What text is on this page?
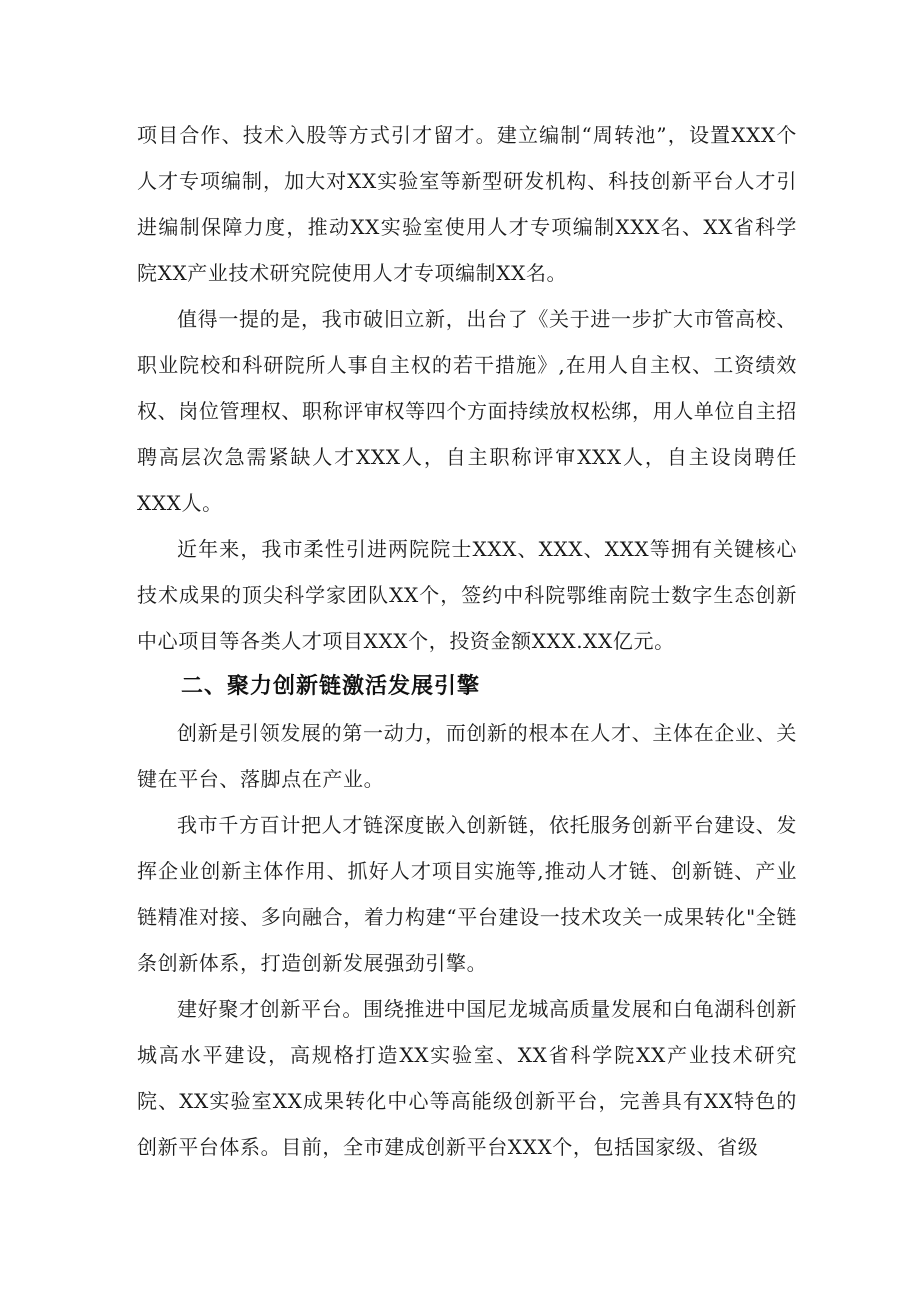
项目合作、技术入股等方式引才留才。建立编制“周转池”，设置XXX个人才专项编制，加大对XX实验室等新型研发机构、科技创新平台人才引进编制保障力度，推动XX实验室使用人才专项编制XXX名、XX省科学院XX产业技术研究院使用人才专项编制XX名。

值得一提的是，我市破旧立新，出台了《关于进一步扩大市管高校、职业院校和科研院所人事自主权的若干措施》,在用人自主权、工资绩效权、岗位管理权、职称评审权等四个方面持续放权松绑，用人单位自主招聘高层次急需紧缺人才XXX人，自主职称评审XXX人，自主设岗聘任XXX人。

近年来，我市柔性引进两院院士XXX、XXX、XXX等拥有关键核心技术成果的顶尖科学家团队XX个，签约中科院鄂维南院士数字生态创新中心项目等各类人才项目XXX个，投资金额XXX.XX亿元。

二、聚力创新链激活发展引擎

创新是引领发展的第一动力，而创新的根本在人才、主体在企业、关键在平台、落脚点在产业。

我市千方百计把人才链深度嵌入创新链，依托服务创新平台建设、发挥企业创新主体作用、抓好人才项目实施等,推动人才链、创新链、产业链精准对接、多向融合，着力构建“平台建设一技术攻关一成果转化"全链条创新体系，打造创新发展强劲引擎。

建好聚才创新平台。围绕推进中国尼龙城高质量发展和白龟湖科创新城高水平建设，高规格打造XX实验室、XX省科学院XX产业技术研究院、XX实验室XX成果转化中心等高能级创新平台，完善具有XX特色的创新平台体系。目前，全市建成创新平台XXX个，包括国家级、省级
